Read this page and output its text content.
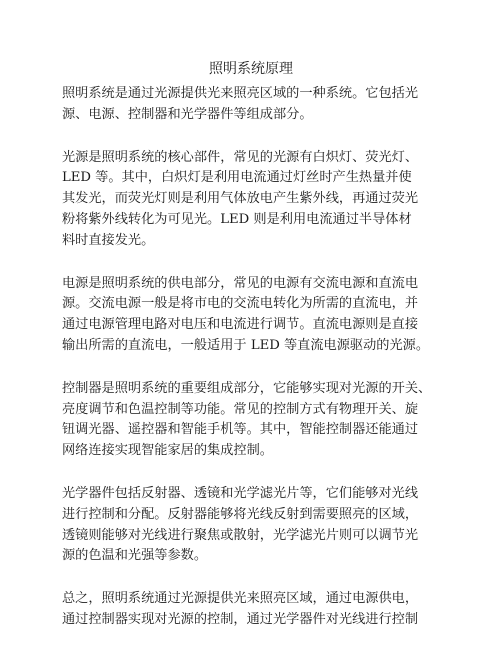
照明系统原理
照明系统是通过光源提供光来照亮区域的一种系统。它包括光
源、电源、控制器和光学器件等组成部分。
光源是照明系统的核心部件，常见的光源有白炽灯、荧光灯、
LED 等。其中，白炽灯是利用电流通过灯丝时产生热量并使
其发光，而荧光灯则是利用气体放电产生紫外线，再通过荧光
粉将紫外线转化为可见光。LED 则是利用电流通过半导体材
料时直接发光。
电源是照明系统的供电部分，常见的电源有交流电源和直流电
源。交流电源一般是将市电的交流电转化为所需的直流电，并
通过电源管理电路对电压和电流进行调节。直流电源则是直接
输出所需的直流电，一般适用于 LED 等直流电源驱动的光源。
控制器是照明系统的重要组成部分，它能够实现对光源的开关、
亮度调节和色温控制等功能。常见的控制方式有物理开关、旋
钮调光器、遥控器和智能手机等。其中，智能控制器还能通过
网络连接实现智能家居的集成控制。
光学器件包括反射器、透镜和光学滤光片等，它们能够对光线
进行控制和分配。反射器能够将光线反射到需要照亮的区域，
透镜则能够对光线进行聚焦或散射，光学滤光片则可以调节光
源的色温和光强等参数。
总之，照明系统通过光源提供光来照亮区域，通过电源供电，
通过控制器实现对光源的控制，通过光学器件对光线进行控制
